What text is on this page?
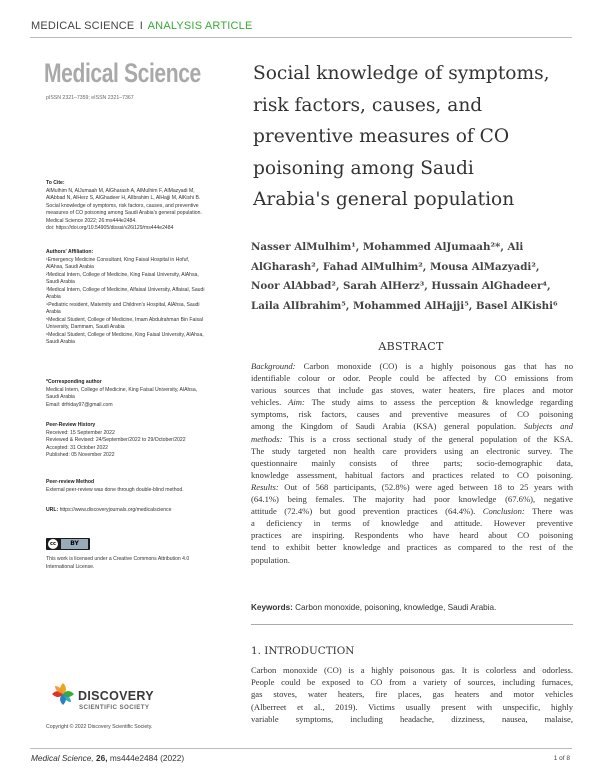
MEDICAL SCIENCE I ANALYSIS ARTICLE
Medical Science
pISSN 2321–7359; eISSN 2321–7367
Social knowledge of symptoms,
risk factors, causes, and
preventive measures of CO
poisoning among Saudi
Arabia's general population
To Cite:
AlMulhim N, AlJumaah M, AlGharash A, AlMulhim F, AlMazyadi M,
AlAbbad N, AlHerz S, AlGhadeer H, AlIbrahim L, AlHajji M, AlKishi B.
Social knowledge of symptoms, risk factors, causes, and preventive
measures of CO poisoning among Saudi Arabia's general population.
Medical Science 2022; 26:ms444e2484.
doi: https://doi.org/10.54905/disssi/v26i129/ms444e2484
Authors' Affiliation:
¹Emergency Medicine Consultant, King Faisal Hospital in Hofuf,
AlAhsa, Saudi Arabia
²Medical Intern, College of Medicine, King Faisal University, AlAhsa,
Saudi Arabia
³Medical Intern, College of Medicine, Alfaisal University, Alfaisal, Saudi
Arabia
⁴Pediatric resident, Maternity and Children's Hospital, AlAhsa, Saudi
Arabia
⁵Medical Student, College of Medicine, Imam Abdulrahman Bin Faisal
University, Dammam, Saudi Arabia
⁶Medical Student, College of Medicine, King Faisal University, AlAhsa,
Saudi Arabia
*Corresponding author
Medical Intern, College of Medicine, King Faisal University, AlAhsa,
Saudi Arabia
Email: drfriday97@gmail.com
Peer-Review History
Received: 15 September 2022
Reviewed & Revised: 24/September/2022 to 29/October/2022
Accepted: 31 October 2022
Published: 05 November 2022
Peer-review Method
External peer-review was done through double-blind method.
URL: https://www.discoveryjournals.org/medicalscience
cc	BY
This work is licensed under a Creative Commons Attribution 4.0
International License.
Nasser AlMulhim¹, Mohammed AlJumaah²*, Ali
AlGharash², Fahad AlMulhim², Mousa AlMazyadi²,
Noor AlAbbad², Sarah AlHerz³, Hussain AlGhadeer⁴,
Laila AlIbrahim⁵, Mohammed AlHajji⁵, Basel AlKishi⁶
ABSTRACT
Background: Carbon monoxide (CO) is a highly poisonous gas that has no
identifiable colour or odor. People could be affected by CO emissions from
various sources that include gas stoves, water heaters, fire places and motor
vehicles. Aim: The study aims to assess the perception & knowledge regarding
symptoms, risk factors, causes and preventive measures of CO poisoning
among the Kingdom of Saudi Arabia (KSA) general population. Subjects and
methods: This is a cross sectional study of the general population of the KSA.
The study targeted non health care providers using an electronic survey. The
questionnaire mainly consists of three parts; socio-demographic data,
knowledge assessment, habitual factors and practices related to CO poisoning.
Results: Out of 568 participants, (52.8%) were aged between 18 to 25 years with
(64.1%) being females. The majority had poor knowledge (67.6%), negative
attitude (72.4%) but good prevention practices (64.4%). Conclusion: There was
a deficiency in terms of knowledge and attitude. However preventive
practices are inspiring. Respondents who have heard about CO poisoning
tend to exhibit better knowledge and practices as compared to the rest of the
population.
Keywords: Carbon monoxide, poisoning, knowledge, Saudi Arabia.
1. INTRODUCTION
Carbon monoxide (CO) is a highly poisonous gas. It is colorless and odorless.
People could be exposed to CO from a variety of sources, including furnaces,
gas stoves, water heaters, fire places, gas heaters and motor vehicles
(Alberreet et al., 2019). Victims usually present with unspecific, highly
variable symptoms, including headache, dizziness, nausea, malaise,
DISCOVERY
SCIENTIFIC SOCIETY
Copyright © 2022 Discovery Scientific Society.
Medical Science, 26, ms444e2484 (2022)	1 of 8
